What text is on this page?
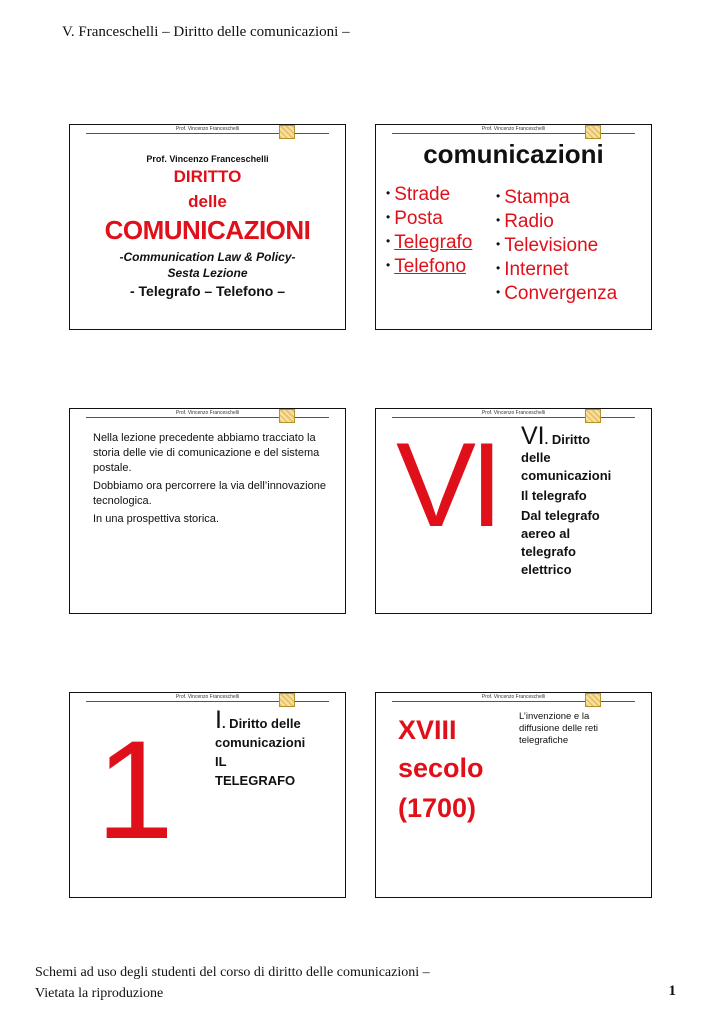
V. Franceschelli – Diritto delle comunicazioni –
Prof. Vincenzo Franceschelli
Prof. Vincenzo Franceschelli
DIRITTO
delle
COMUNICAZIONI
-Communication Law & Policy-
Sesta Lezione
- Telegrafo – Telefono –
Prof. Vincenzo Franceschelli
comunicazioni
• Strade
• Posta
• Telegrafo
• Telefono
• Stampa
• Radio
• Televisione
• Internet
• Convergenza
Prof. Vincenzo Franceschelli
Nella lezione precedente abbiamo tracciato la storia delle vie di comunicazione e del sistema postale.
Dobbiamo ora percorrere la via dell’innovazione tecnologica.
In una prospettiva storica.
Prof. Vincenzo Franceschelli
VI VI. Diritto
delle
comunicazioni
Il telegrafo
Dal telegrafo
aereo al
telegrafo
elettrico
Prof. Vincenzo Franceschelli
1 I. Diritto delle
comunicazioni
IL
TELEGRAFO
Prof. Vincenzo Franceschelli
XVIII
secolo
(1700)
L’invenzione e la diffusione delle reti telegrafiche
Schemi ad uso degli studenti del corso di diritto delle comunicazioni –
Vietata la riproduzione	1
